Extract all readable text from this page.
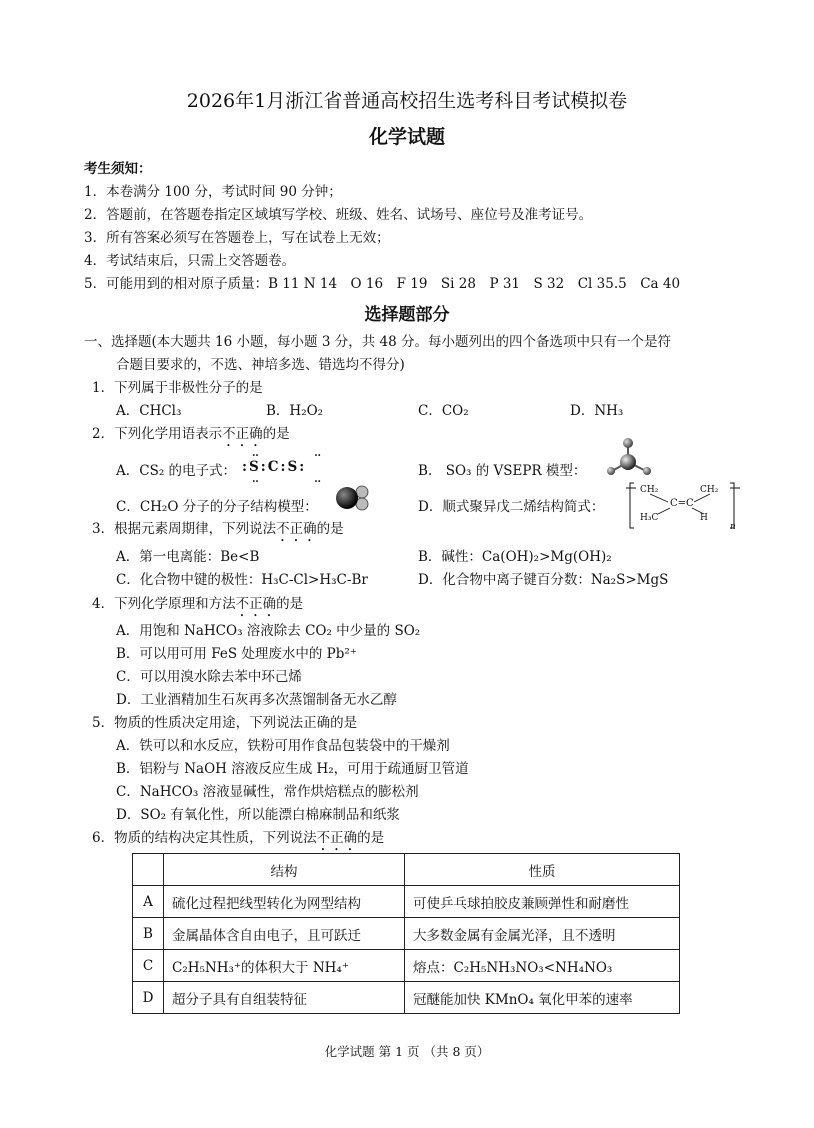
2026年1月浙江省普通高校招生选考科目考试模拟卷
化学试题
考生须知：
1．本卷满分 100 分，考试时间 90 分钟；
2．答题前，在答题卷指定区域填写学校、班级、姓名、试场号、座位号及准考证号。
3．所有答案必须写在答题卷上，写在试卷上无效；
4．考试结束后，只需上交答题卷。
5．可能用到的相对原子质量：B 11 N 14　O 16　F 19　Si 28　P 31　S 32　Cl 35.5　Ca 40
选择题部分
一、选择题(本大题共 16 小题，每小题 3 分，共 48 分。每小题列出的四个备选项中只有一个是符
合题目要求的，不选、神培多选、错选均不得分)
1．下列属于非极性分子的是
A．CHCl₃	B．H₂O₂	C．CO₂	D．NH₃
2．下列化学用语表示不正确的是
A．CS₂ 的电子式： :S:C:S:
‥ ‥
‥ ‥
B.　SO₃ 的 VSEPR 模型：
C．CH₂O 分子的分子结构模型：	D．顺式聚异戊二烯结构简式：
CH₂	CH₂
C=C
H₃C	H
n
3．根据元素周期律，下列说法不正确的是
A．第一电离能：Be<B	B．碱性：Ca(OH)₂>Mg(OH)₂
C．化合物中键的极性：H₃C-Cl>H₃C-Br	D．化合物中离子键百分数：Na₂S>MgS
4．下列化学原理和方法不正确的是
A．用饱和 NaHCO₃ 溶液除去 CO₂ 中少量的 SO₂
B．可以用可用 FeS 处理废水中的 Pb²⁺
C．可以用溴水除去苯中环己烯
D．工业酒精加生石灰再多次蒸馏制备无水乙醇
5．物质的性质决定用途，下列说法正确的是
A．铁可以和水反应，铁粉可用作食品包装袋中的干燥剂
B．铝粉与 NaOH 溶液反应生成 H₂，可用于疏通厨卫管道
C．NaHCO₃ 溶液显碱性，常作烘焙糕点的膨松剂
D．SO₂ 有氧化性，所以能漂白棉麻制品和纸浆
6．物质的结构决定其性质，下列说法不正确的是
	结构	性质
A	硫化过程把线型转化为网型结构	可使乒乓球拍胶皮兼顾弹性和耐磨性
B	金属晶体含自由电子，且可跃迁	大多数金属有金属光泽，且不透明
C	C₂H₅NH₃⁺的体积大于 NH₄⁺	熔点：C₂H₅NH₃NO₃<NH₄NO₃
D	超分子具有自组装特征	冠醚能加快 KMnO₄ 氧化甲苯的速率
化学试题 第 1 页 （共 8 页）
